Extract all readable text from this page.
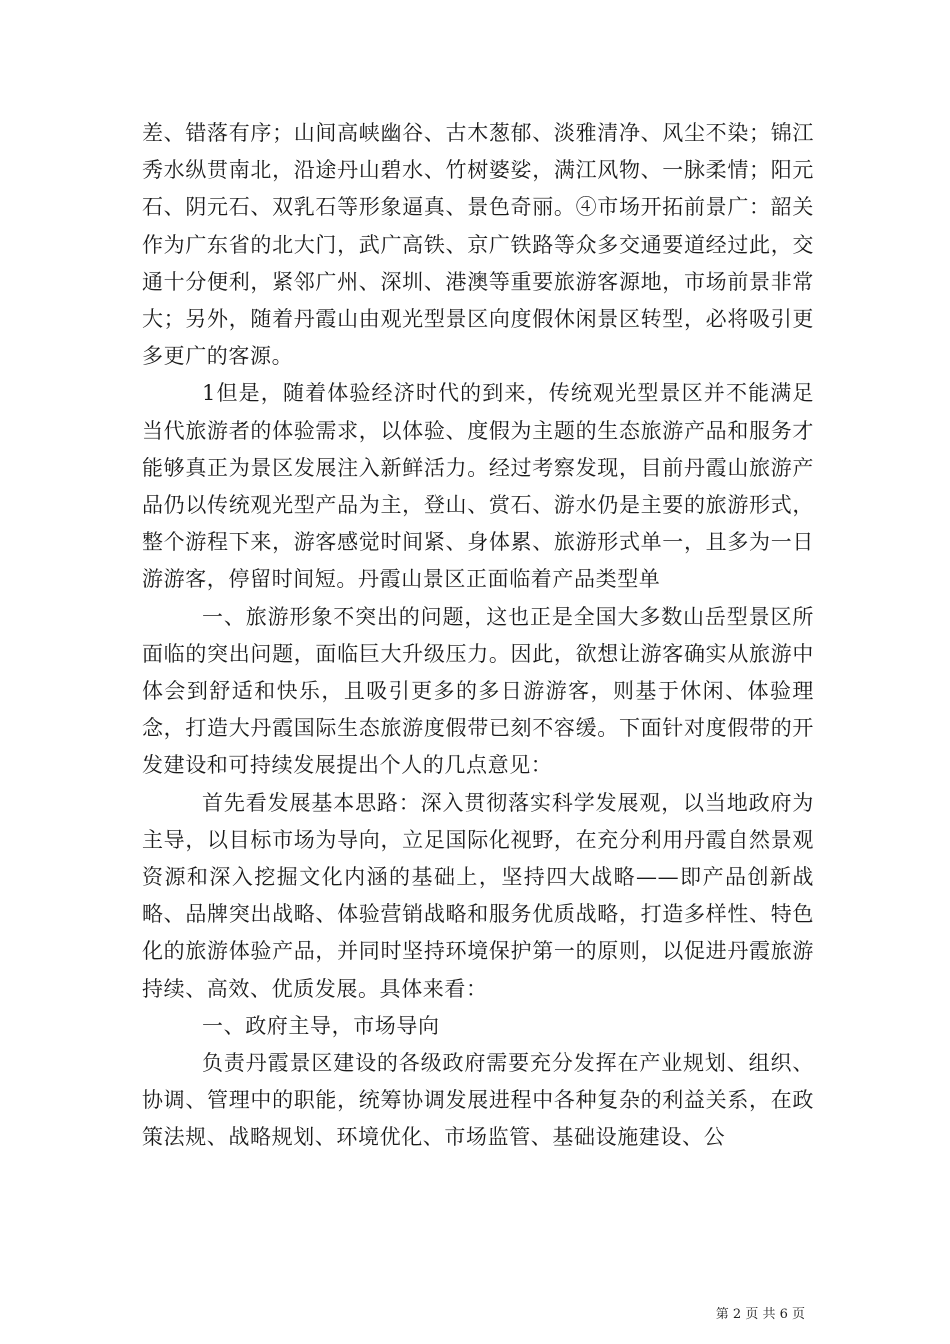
差、错落有序；山间高峡幽谷、古木葱郁、淡雅清净、风尘不染；锦江秀水纵贯南北，沿途丹山碧水、竹树婆娑，满江风物、一脉柔情；阳元石、阴元石、双乳石等形象逼真、景色奇丽。④市场开拓前景广：韶关作为广东省的北大门，武广高铁、京广铁路等众多交通要道经过此，交通十分便利，紧邻广州、深圳、港澳等重要旅游客源地，市场前景非常大；另外，随着丹霞山由观光型景区向度假休闲景区转型，必将吸引更多更广的客源。

1但是，随着体验经济时代的到来，传统观光型景区并不能满足当代旅游者的体验需求，以体验、度假为主题的生态旅游产品和服务才能够真正为景区发展注入新鲜活力。经过考察发现，目前丹霞山旅游产品仍以传统观光型产品为主，登山、赏石、游水仍是主要的旅游形式，整个游程下来，游客感觉时间紧、身体累、旅游形式单一，且多为一日游游客，停留时间短。丹霞山景区正面临着产品类型单

一、旅游形象不突出的问题，这也正是全国大多数山岳型景区所面临的突出问题，面临巨大升级压力。因此，欲想让游客确实从旅游中体会到舒适和快乐，且吸引更多的多日游游客，则基于休闲、体验理念，打造大丹霞国际生态旅游度假带已刻不容缓。下面针对度假带的开发建设和可持续发展提出个人的几点意见：

首先看发展基本思路：深入贯彻落实科学发展观，以当地政府为主导，以目标市场为导向，立足国际化视野，在充分利用丹霞自然景观资源和深入挖掘文化内涵的基础上，坚持四大战略——即产品创新战略、品牌突出战略、体验营销战略和服务优质战略，打造多样性、特色化的旅游体验产品，并同时坚持环境保护第一的原则，以促进丹霞旅游持续、高效、优质发展。具体来看：

一、政府主导，市场导向

负责丹霞景区建设的各级政府需要充分发挥在产业规划、组织、协调、管理中的职能，统筹协调发展进程中各种复杂的利益关系，在政策法规、战略规划、环境优化、市场监管、基础设施建设、公

第 2 页 共 6 页
